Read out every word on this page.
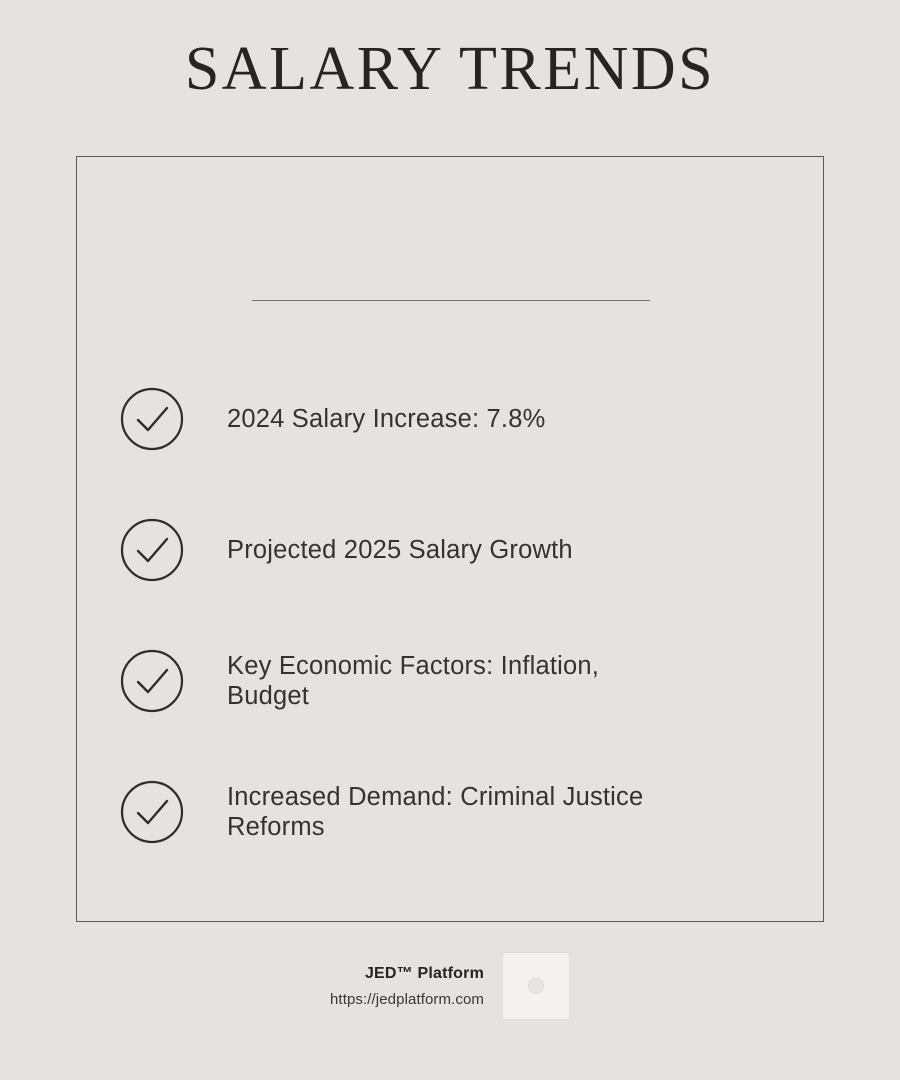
SALARY TRENDS
2024 Salary Increase: 7.8%
Projected 2025 Salary Growth
Key Economic Factors: Inflation, Budget
Increased Demand: Criminal Justice Reforms
JED™ Platform
https://jedplatform.com
